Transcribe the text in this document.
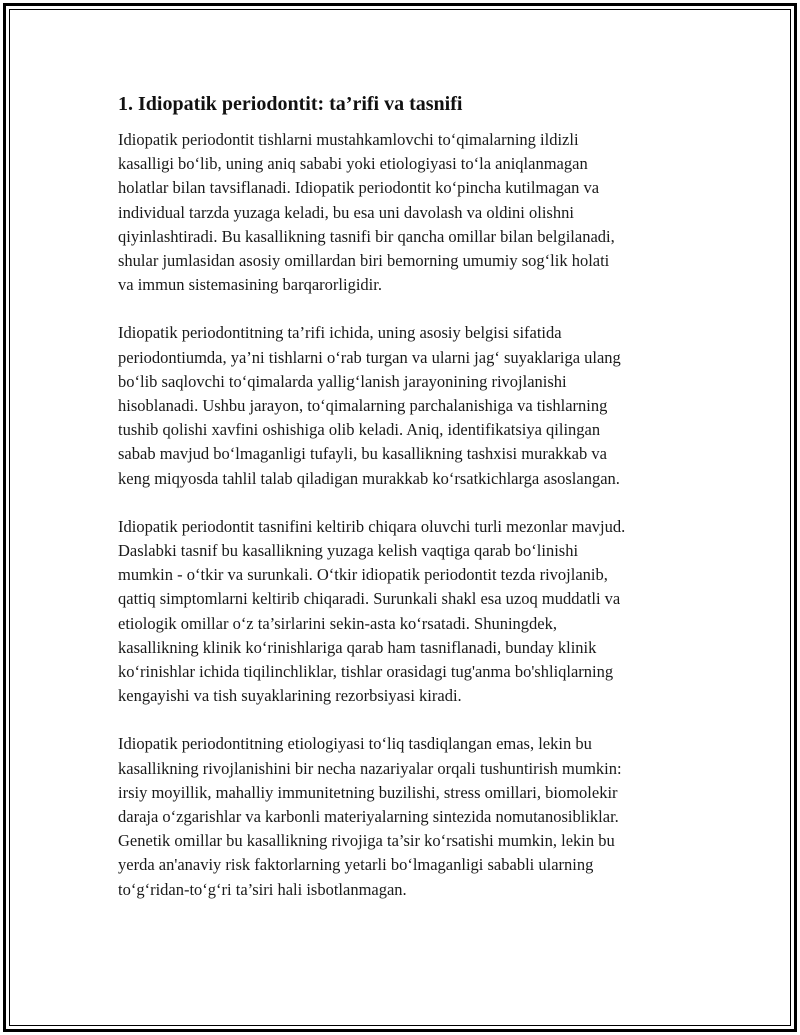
1. Idiopatik periodontit: ta’rifi va tasnifi

Idiopatik periodontit tishlarni mustahkamlovchi to‘qimalarning ildizli
kasalligi bo‘lib, uning aniq sababi yoki etiologiyasi to‘la aniqlanmagan
holatlar bilan tavsiflanadi. Idiopatik periodontit ko‘pincha kutilmagan va
individual tarzda yuzaga keladi, bu esa uni davolash va oldini olishni
qiyinlashtiradi. Bu kasallikning tasnifi bir qancha omillar bilan belgilanadi,
shular jumlasidan asosiy omillardan biri bemorning umumiy sog‘lik holati
va immun sistemasining barqarorligidir.

Idiopatik periodontitning ta’rifi ichida, uning asosiy belgisi sifatida
periodontiumda, ya’ni tishlarni o‘rab turgan va ularni jag‘ suyaklariga ulang
bo‘lib saqlovchi to‘qimalarda yallig‘lanish jarayonining rivojlanishi
hisoblanadi. Ushbu jarayon, to‘qimalarning parchalanishiga va tishlarning
tushib qolishi xavfini oshishiga olib keladi. Aniq, identifikatsiya qilingan
sabab mavjud bo‘lmaganligi tufayli, bu kasallikning tashxisi murakkab va
keng miqyosda tahlil talab qiladigan murakkab ko‘rsatkichlarga asoslangan.

Idiopatik periodontit tasnifini keltirib chiqara oluvchi turli mezonlar mavjud.
Daslabki tasnif bu kasallikning yuzaga kelish vaqtiga qarab bo‘linishi
mumkin - o‘tkir va surunkali. O‘tkir idiopatik periodontit tezda rivojlanib,
qattiq simptomlarni keltirib chiqaradi. Surunkali shakl esa uzoq muddatli va
etiologik omillar o‘z ta’sirlarini sekin-asta ko‘rsatadi. Shuningdek,
kasallikning klinik ko‘rinishlariga qarab ham tasniflanadi, bunday klinik
ko‘rinishlar ichida tiqilinchliklar, tishlar orasidagi tug'anma bo'shliqlarning
kengayishi va tish suyaklarining rezorbsiyasi kiradi.

Idiopatik periodontitning etiologiyasi to‘liq tasdiqlangan emas, lekin bu
kasallikning rivojlanishini bir necha nazariyalar orqali tushuntirish mumkin:
irsiy moyillik, mahalliy immunitetning buzilishi, stress omillari, biomolekir
daraja o‘zgarishlar va karbonli materiyalarning sintezida nomutanosibliklar.
Genetik omillar bu kasallikning rivojiga ta’sir ko‘rsatishi mumkin, lekin bu
yerda an'anaviy risk faktorlarning yetarli bo‘lmaganligi sababli ularning
to‘g‘ridan-to‘g‘ri ta’siri hali isbotlanmagan.
